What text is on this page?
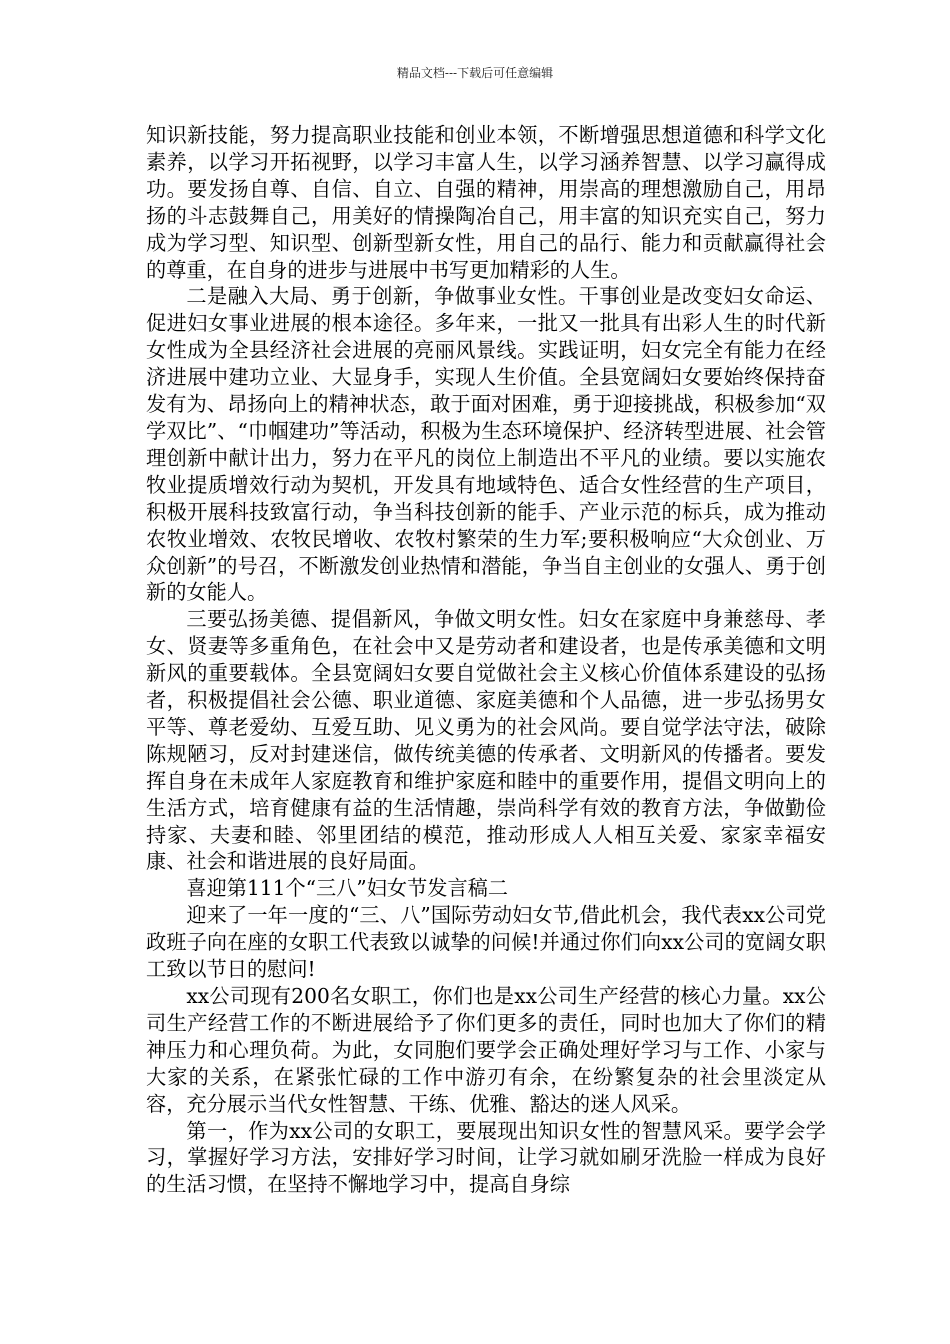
精品文档---下载后可任意编辑

知识新技能，努力提高职业技能和创业本领，不断增强思想道德和科学文化素养，以学习开拓视野，以学习丰富人生，以学习涵养智慧、以学习赢得成功。要发扬自尊、自信、自立、自强的精神，用崇高的理想激励自己，用昂扬的斗志鼓舞自己，用美好的情操陶冶自己，用丰富的知识充实自己，努力成为学习型、知识型、创新型新女性，用自己的品行、能力和贡献赢得社会的尊重，在自身的进步与进展中书写更加精彩的人生。

二是融入大局、勇于创新，争做事业女性。干事创业是改变妇女命运、促进妇女事业进展的根本途径。多年来，一批又一批具有出彩人生的时代新女性成为全县经济社会进展的亮丽风景线。实践证明，妇女完全有能力在经济进展中建功立业、大显身手，实现人生价值。全县宽阔妇女要始终保持奋发有为、昂扬向上的精神状态，敢于面对困难，勇于迎接挑战，积极参加“双学双比”、“巾帼建功”等活动，积极为生态环境保护、经济转型进展、社会管理创新中献计出力，努力在平凡的岗位上制造出不平凡的业绩。要以实施农牧业提质增效行动为契机，开发具有地域特色、适合女性经营的生产项目，积极开展科技致富行动，争当科技创新的能手、产业示范的标兵，成为推动农牧业增效、农牧民增收、农牧村繁荣的生力军;要积极响应“大众创业、万众创新”的号召，不断激发创业热情和潜能，争当自主创业的女强人、勇于创新的女能人。

三要弘扬美德、提倡新风，争做文明女性。妇女在家庭中身兼慈母、孝女、贤妻等多重角色，在社会中又是劳动者和建设者，也是传承美德和文明新风的重要载体。全县宽阔妇女要自觉做社会主义核心价值体系建设的弘扬者，积极提倡社会公德、职业道德、家庭美德和个人品德，进一步弘扬男女平等、尊老爱幼、互爱互助、见义勇为的社会风尚。要自觉学法守法，破除陈规陋习，反对封建迷信，做传统美德的传承者、文明新风的传播者。要发挥自身在未成年人家庭教育和维护家庭和睦中的重要作用，提倡文明向上的生活方式，培育健康有益的生活情趣，崇尚科学有效的教育方法，争做勤俭持家、夫妻和睦、邻里团结的模范，推动形成人人相互关爱、家家幸福安康、社会和谐进展的良好局面。

喜迎第111个“三八”妇女节发言稿二

迎来了一年一度的“三、八”国际劳动妇女节,借此机会，我代表xx公司党政班子向在座的女职工代表致以诚挚的问候!并通过你们向xx公司的宽阔女职工致以节日的慰问!

xx公司现有200名女职工，你们也是xx公司生产经营的核心力量。xx公司生产经营工作的不断进展给予了你们更多的责任，同时也加大了你们的精神压力和心理负荷。为此，女同胞们要学会正确处理好学习与工作、小家与大家的关系，在紧张忙碌的工作中游刃有余，在纷繁复杂的社会里淡定从容，充分展示当代女性智慧、干练、优雅、豁达的迷人风采。

第一，作为xx公司的女职工，要展现出知识女性的智慧风采。要学会学习，掌握好学习方法，安排好学习时间，让学习就如刷牙洗脸一样成为良好的生活习惯，在坚持不懈地学习中，提高自身综
